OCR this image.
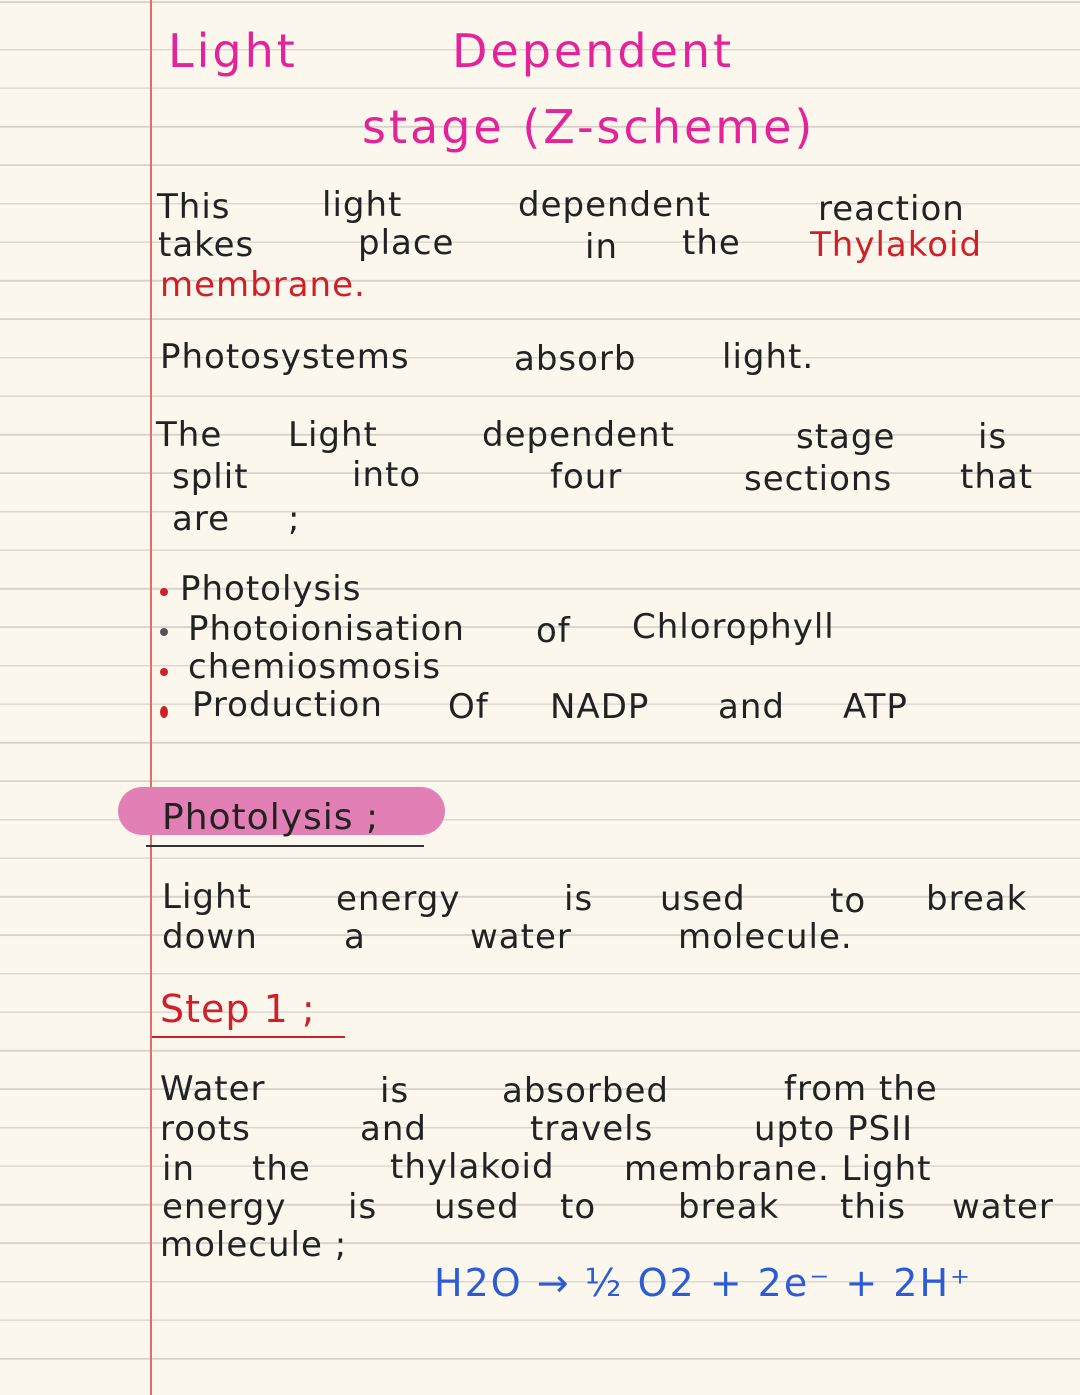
Light	Dependent
stage (Z-scheme)
This	light	dependent	reaction
takes	place	in the Thylakoid
membrane.
Photosystems	absorb	light.
The Light	dependent	stage is
split	into	four	sections that
are ;
Photolysis
Photoionisation of Chlorophyll
chemiosmosis
Production Of NADP and ATP
Photolysis ;
Light energy	is used to break
down	a	water	molecule.
Step 1 ;
Water	is	absorbed	from the
roots	and	travels	upto PSII
in the thylakoid membrane. Light
energy is used to break this water
molecule ;
H2O → ½ O2 + 2e⁻ + 2H⁺
